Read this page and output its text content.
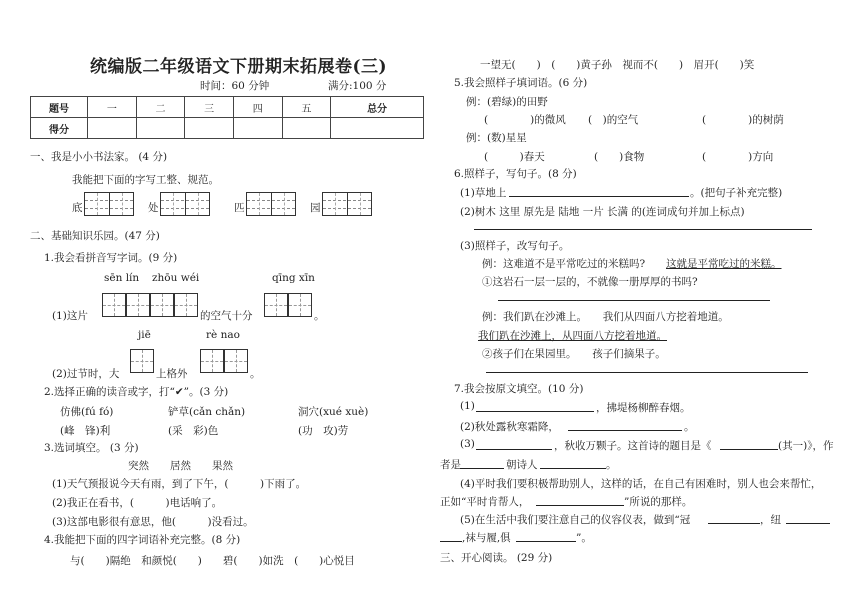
统编版二年级语文下册期末拓展卷(三)
时间：60 分钟	满分:100 分
题号	一	二	三	四	五	总分
得分						
一、我是小小书法家。 (4 分)
我能把下面的字写工整、规范。
底	处	匹	园
二、基础知识乐园。(47 分)
1.我会看拼音写字词。(9 分)
sēn lín zhōu wéi	qīng xīn
(1)这片	的空气十分	。
jiē	rè nao
(2)过节时，大	上格外	。
2.选择正确的读音或字，打“✔”。(3 分)
仿佛(fú fó)	铲草(cǎn chǎn)	洞穴(xué xuè)
(峰　锋)利	(采　彩)色	(功　攻)劳
3.选词填空。 (3 分)
突然　　居然　　果然
(1)天气预报说今天有雨，到了下午，(　　　)下雨了。
(2)我正在看书，(　　　)电话响了。
(3)这部电影很有意思，他(　　　)没看过。
4.我能把下面的四字词语补充完整。(8 分)
与(　　)隔绝　和颜悦(　　)　　碧(　　)如洗　(　　)心悦目
一望无(　　)　(　　)黄子孙　视而不(　　)　眉开(　　)笑
5.我会照样子填词语。(6 分)
例：(碧绿)的田野
(　　　　)的微风 (　)的空气	(　　　　)的树荫
例：(数)星星
(　　　)春天	(　　)食物	(　　　　)方向
6.照样子，写句子。(8 分)
(1)草地上	。(把句子补充完整)
(2)树木 这里 原先是 陆地 一片 长满 的(连词成句并加上标点)
(3)照样子，改写句子。
例：这难道不是平常吃过的米糕吗? 这就是平常吃过的米糕。
①这岩石一层一层的，不就像一册厚厚的书吗?
例：我们趴在沙滩上。　　我们从四面八方挖着地道。
我们趴在沙滩上，从四面八方挖着地道。
②孩子们在果园里。　　孩子们摘果子。
7.我会按原文填空。(10 分)
(1)	，拂堤杨柳醉春烟。
(2)秋处露秋寒霜降，	。
(3)	，秋收万颗子。这首诗的题目是《	(其一)》，作
者是	朝诗人	。
(4)平时我们要积极帮助别人，这样的话，在自己有困难时，别人也会来帮忙，
正如“平时肯帮人，	”所说的那样。
(5)在生活中我们要注意自己的仪容仪表，做到“冠	，纽
,袜与履,俱	”。
三、开心阅读。 (29 分)
